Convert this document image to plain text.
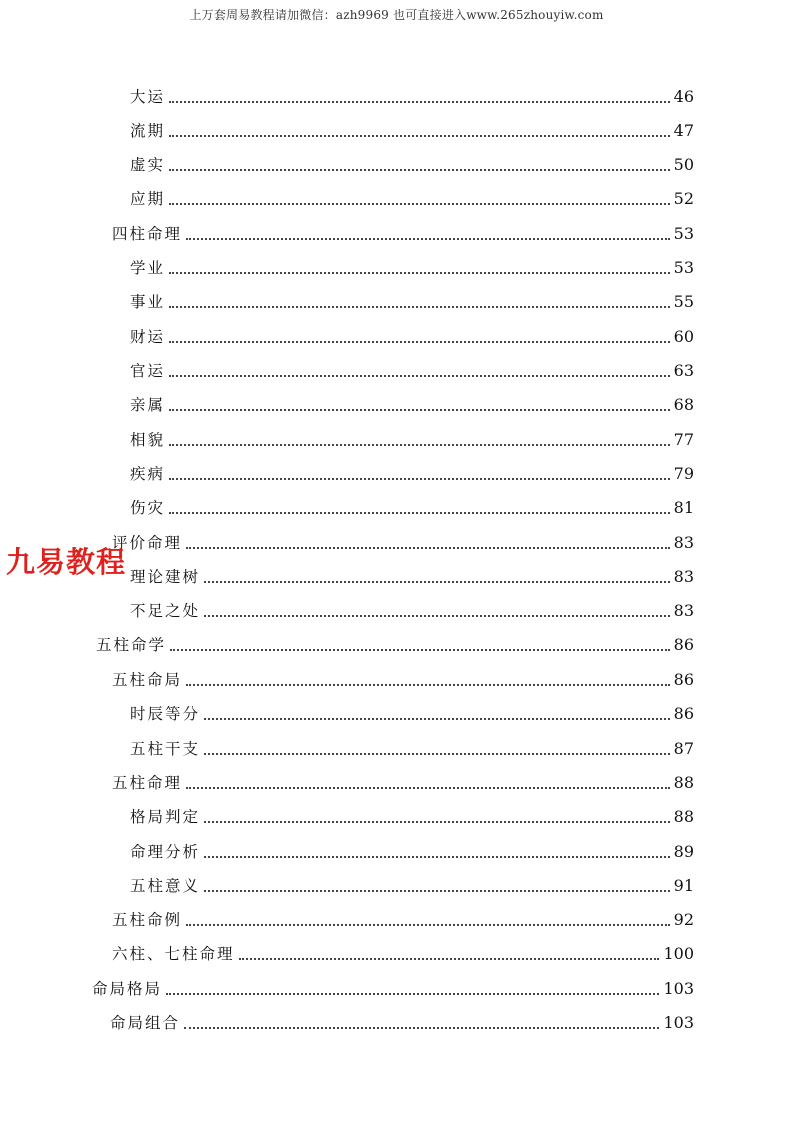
上万套周易教程请加微信：azh9969 也可直接进入www.265zhouyiw.com
大运	46
流期	47
虚实	50
应期	52
四柱命理	53
学业	53
事业	55
财运	60
官运	63
亲属	68
相貌	77
疾病	79
伤灾	81
评价命理	83
理论建树	83
不足之处	83
五柱命学	86
五柱命局	86
时辰等分	86
五柱干支	87
五柱命理	88
格局判定	88
命理分析	89
五柱意义	91
五柱命例	92
六柱、七柱命理	100
命局格局	103
命局组合	103
九易教程
